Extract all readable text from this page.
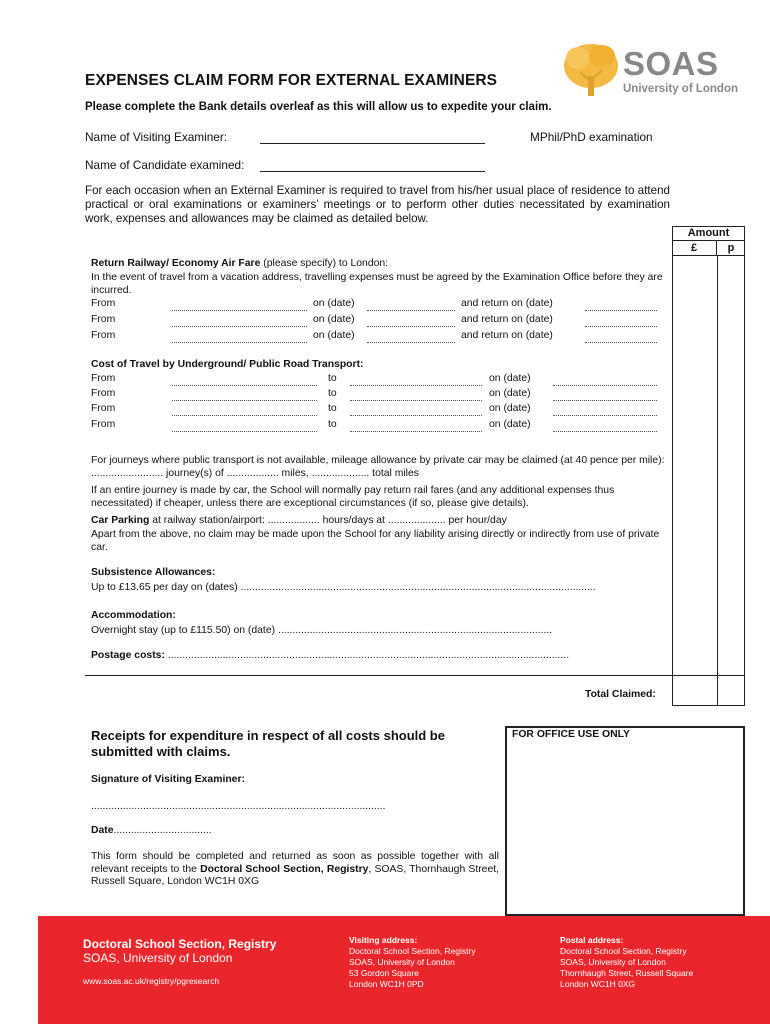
SOAS
University of London
EXPENSES CLAIM FORM FOR EXTERNAL EXAMINERS
Please complete the Bank details overleaf as this will allow us to expedite your claim.
Name of Visiting Examiner:	MPhil/PhD examination
Name of Candidate examined:
For each occasion when an External Examiner is required to travel from his/her usual place of residence to attend practical or oral examinations or examiners’ meetings or to perform other duties necessitated by examination work, expenses and allowances may be claimed as detailed below.
Amount
£	p
Return Railway/ Economy Air Fare (please specify) to London:
In the event of travel from a vacation address, travelling expenses must be agreed by the Examination Office before they are incurred.
From	on (date)	and return on (date)
From	on (date)	and return on (date)
From	on (date)	and return on (date)
Cost of Travel by Underground/ Public Road Transport:
From	to	on (date)
From	to	on (date)
From	to	on (date)
From	to	on (date)
For journeys where public transport is not available, mileage allowance by private car may be claimed (at 40 pence per mile): ......................... journey(s) of .................. miles, .................... total miles
If an entire journey is made by car, the School will normally pay return rail fares (and any additional expenses thus necessitated) if cheaper, unless there are exceptional circumstances (if so, please give details).
Car Parking at railway station/airport: .................. hours/days at .................... per hour/day
Apart from the above, no claim may be made upon the School for any liability arising directly or indirectly from use of private car.
Subsistence Allowances:
Up to £13.65 per day on (dates) ...........................................................................................................................
Accommodation:
Overnight stay (up to £115.50) on (date) ...............................................................................................
Postage costs: ...........................................................................................................................................
Total Claimed:
Receipts for expenditure in respect of all costs should be submitted with claims.
Signature of Visiting Examiner:
......................................................................................................
Date..................................
This form should be completed and returned as soon as possible together with all relevant receipts to the Doctoral School Section, Registry, SOAS, Thornhaugh Street, Russell Square, London WC1H 0XG
FOR OFFICE USE ONLY
Doctoral School Section, Registry
SOAS, University of London
www.soas.ac.uk/registry/pgresearch
Visiting address:
Doctoral School Section, Registry
SOAS, University of London
53 Gordon Square
London WC1H 0PD
Postal address:
Doctoral School Section, Registry
SOAS, University of London
Thornhaugh Street, Russell Square
London WC1H 0XG
